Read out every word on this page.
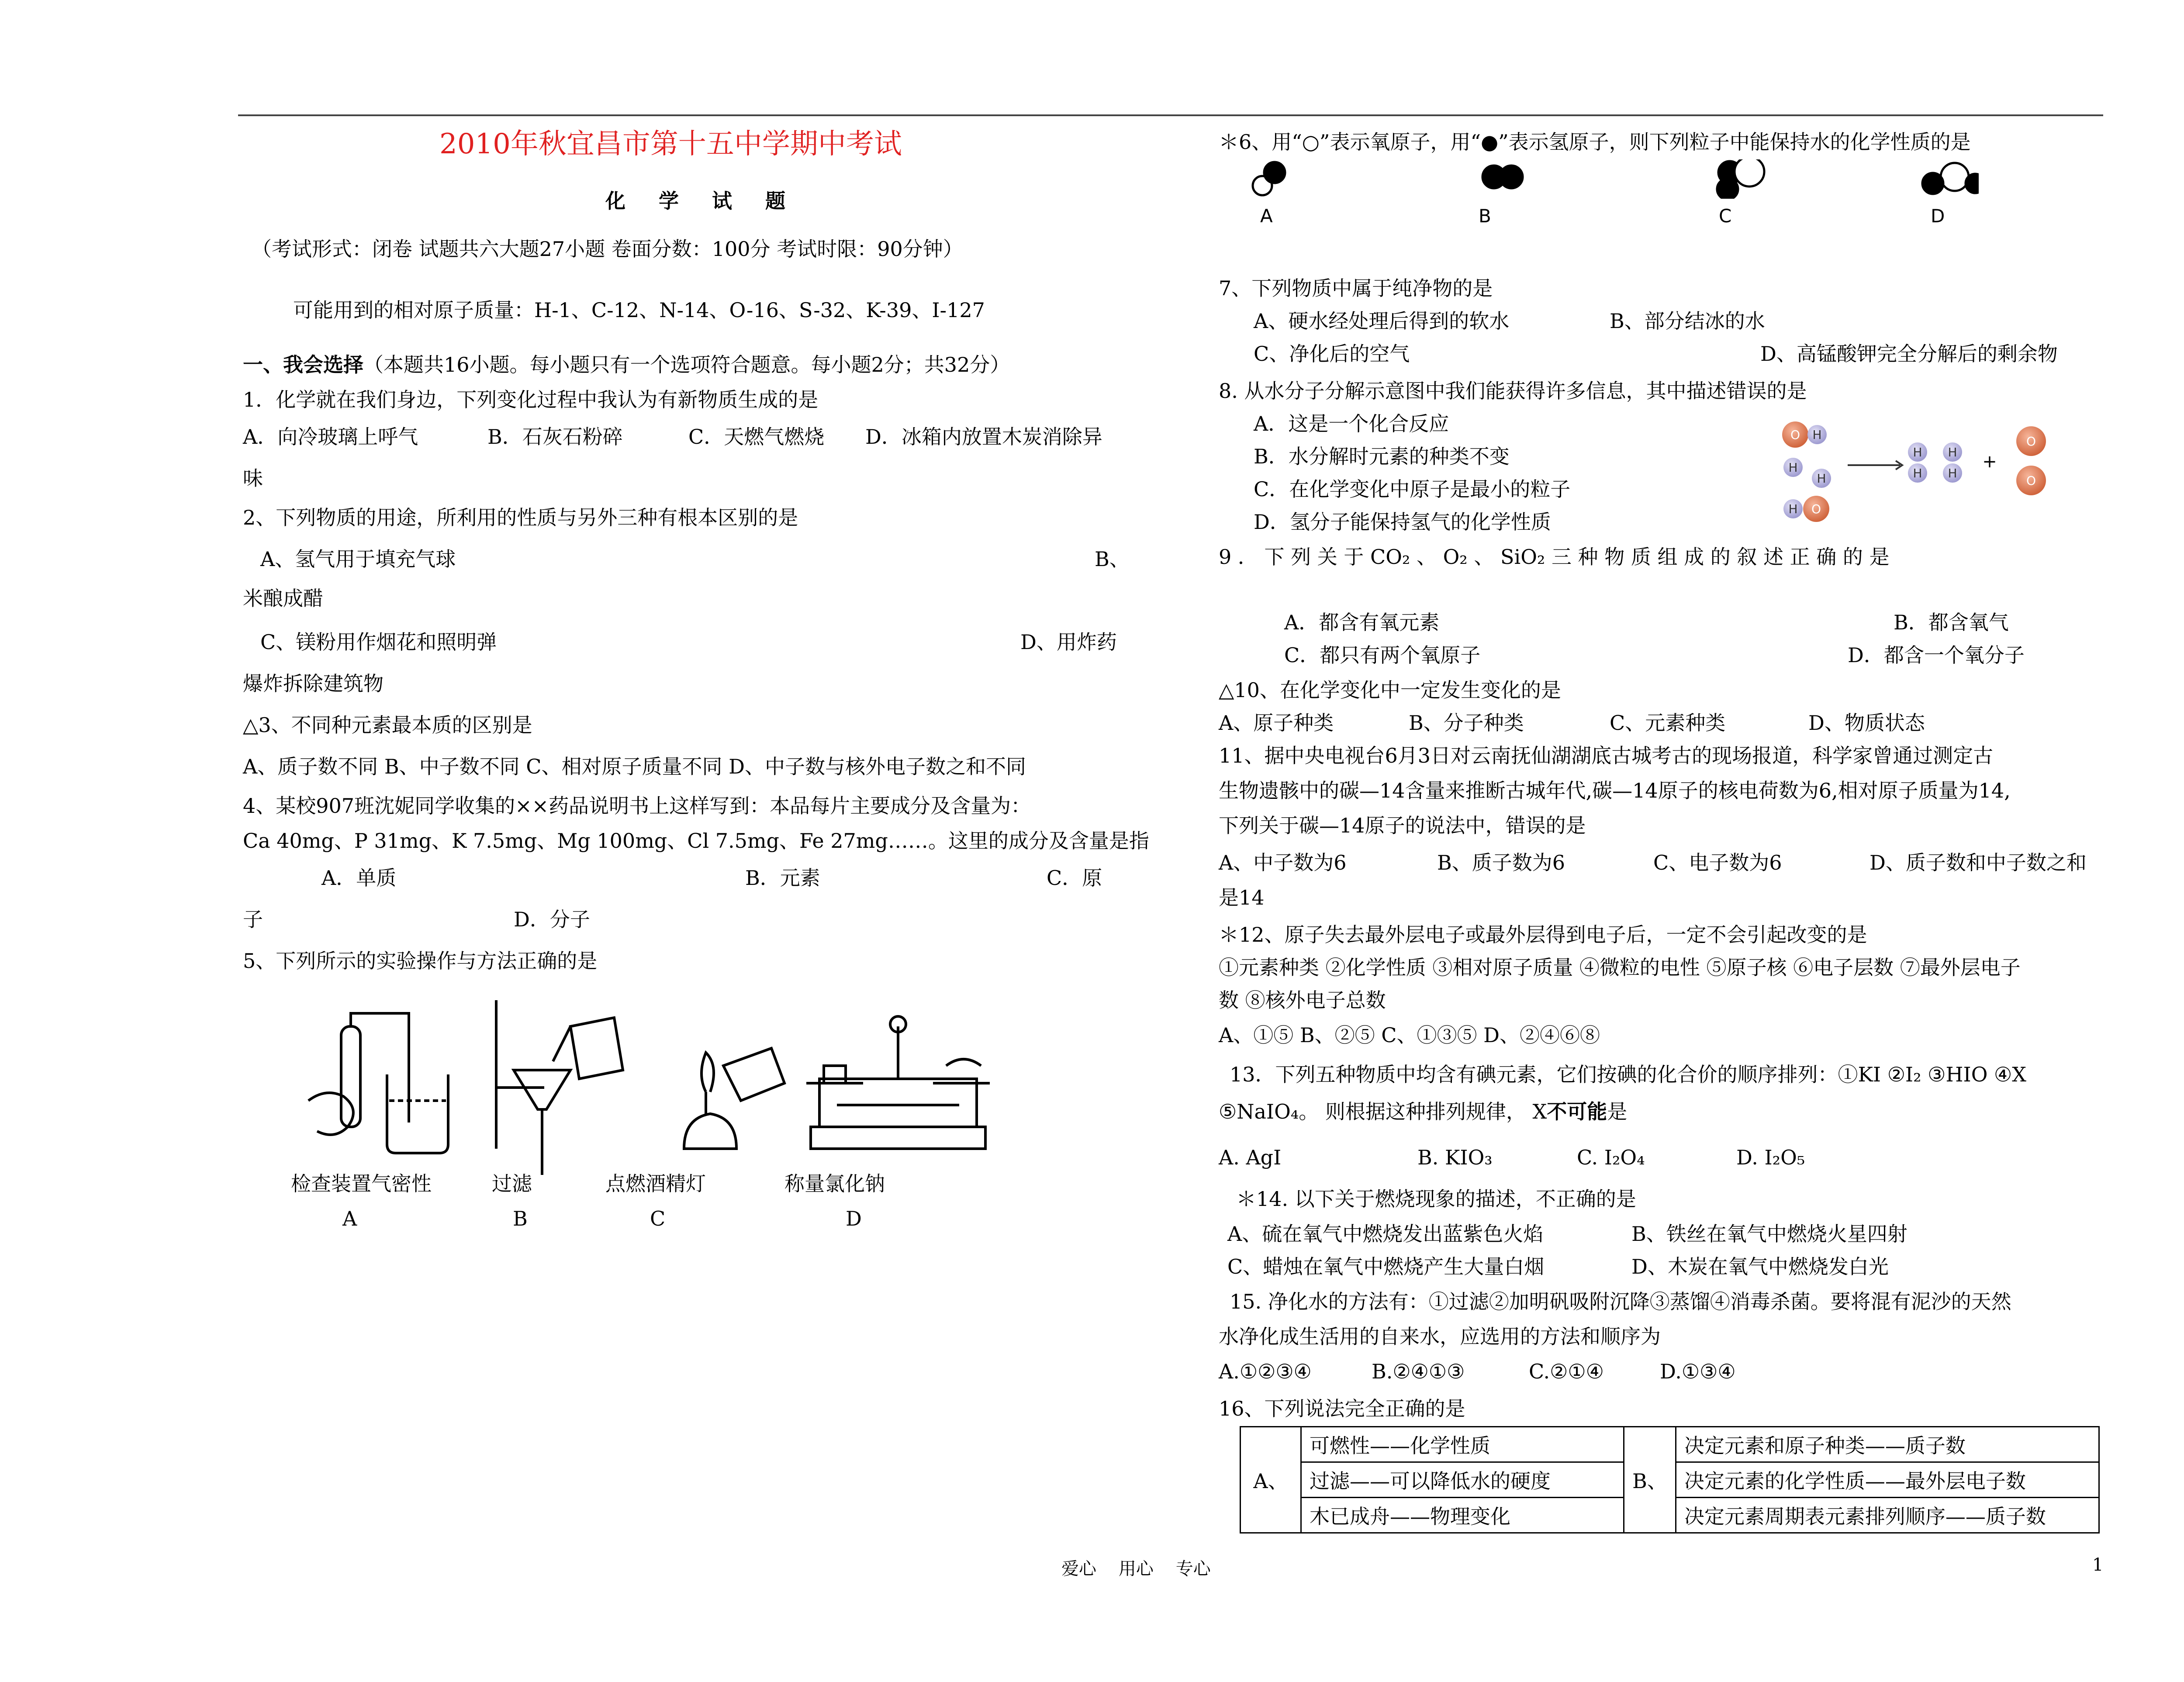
2010年秋宜昌市第十五中学期中考试
化 学 试 题
（考试形式：闭卷 试题共六大题27小题 卷面分数：100分 考试时限：90分钟）
可能用到的相对原子质量：H-1、C-12、N-14、O-16、S-32、K-39、I-127
一、我会选择（本题共16小题。每小题只有一个选项符合题意。每小题2分；共32分）
1．化学就在我们身边，下列变化过程中我认为有新物质生成的是
A．向冷玻璃上呼气	B．石灰石粉碎	C．天燃气燃烧 D．冰箱内放置木炭消除异
味
2、下列物质的用途，所利用的性质与另外三种有根本区别的是
A、氢气用于填充气球	B、
米酿成醋
C、镁粉用作烟花和照明弹	D、用炸药
爆炸拆除建筑物
△3、不同种元素最本质的区别是
A、质子数不同 B、中子数不同 C、相对原子质量不同 D、中子数与核外电子数之和不同
4、某校907班沈妮同学收集的××药品说明书上这样写到：本品每片主要成分及含量为：
Ca 40mg、P 31mg、K 7.5mg、Mg 100mg、Cl 7.5mg、Fe 27mg……。这里的成分及含量是指
A．单质	B．元素	C．原
子	D．分子
5、下列所示的实验操作与方法正确的是
检查装置气密性	过滤	点燃酒精灯	称量氯化钠
A	B	C	D
＊6、用“○”表示氧原子，用“●”表示氢原子，则下列粒子中能保持水的化学性质的是
A	B	C	D
7、下列物质中属于纯净物的是
A、硬水经处理后得到的软水	B、部分结冰的水
C、净化后的空气	D、高锰酸钾完全分解后的剩余物
8. 从水分子分解示意图中我们能获得许多信息，其中描述错误的是
A．这是一个化合反应
B．水分解时元素的种类不变
C．在化学变化中原子是最小的粒子
D．氢分子能保持氢气的化学性质
O H
H
H
H O
H
H
H
H
+
O
O
9 ． 下 列 关 于 CO₂ 、 O₂ 、 SiO₂ 三 种 物 质 组 成 的 叙 述 正 确 的 是
A．都含有氧元素	B．都含氧气
C．都只有两个氧原子	D．都含一个氧分子
△10、在化学变化中一定发生变化的是
A、原子种类	B、分子种类	C、元素种类	D、物质状态
11、据中央电视台6月3日对云南抚仙湖湖底古城考古的现场报道，科学家曾通过测定古
生物遗骸中的碳—14含量来推断古城年代,碳—14原子的核电荷数为6,相对原子质量为14,
下列关于碳—14原子的说法中，错误的是
A、中子数为6	B、质子数为6	C、电子数为6	D、质子数和中子数之和
是14
＊12、原子失去最外层电子或最外层得到电子后，一定不会引起改变的是
①元素种类 ②化学性质 ③相对原子质量 ④微粒的电性 ⑤原子核 ⑥电子层数 ⑦最外层电子
数 ⑧核外电子总数
A、①⑤ B、②⑤ C、①③⑤ D、②④⑥⑧
13．下列五种物质中均含有碘元素，它们按碘的化合价的顺序排列：①KI ②I₂ ③HIO ④X
⑤NaIO₄。 则根据这种排列规律， X不可能是
A. AgI	B. KIO₃	C. I₂O₄	D. I₂O₅
＊14. 以下关于燃烧现象的描述，不正确的是
A、硫在氧气中燃烧发出蓝紫色火焰	B、铁丝在氧气中燃烧火星四射
C、蜡烛在氧气中燃烧产生大量白烟	D、木炭在氧气中燃烧发白光
15. 净化水的方法有：①过滤②加明矾吸附沉降③蒸馏④消毒杀菌。要将混有泥沙的天然
水净化成生活用的自来水，应选用的方法和顺序为
A.①②③④	B.②④①③	C.②①④	D.①③④
16、下列说法完全正确的是
A、	可燃性——化学性质	B、	决定元素和原子种类——质子数
	过滤——可以降低水的硬度		决定元素的化学性质——最外层电子数
	木已成舟——物理变化		决定元素周期表元素排列顺序——质子数
爱心    用心    专心	1
